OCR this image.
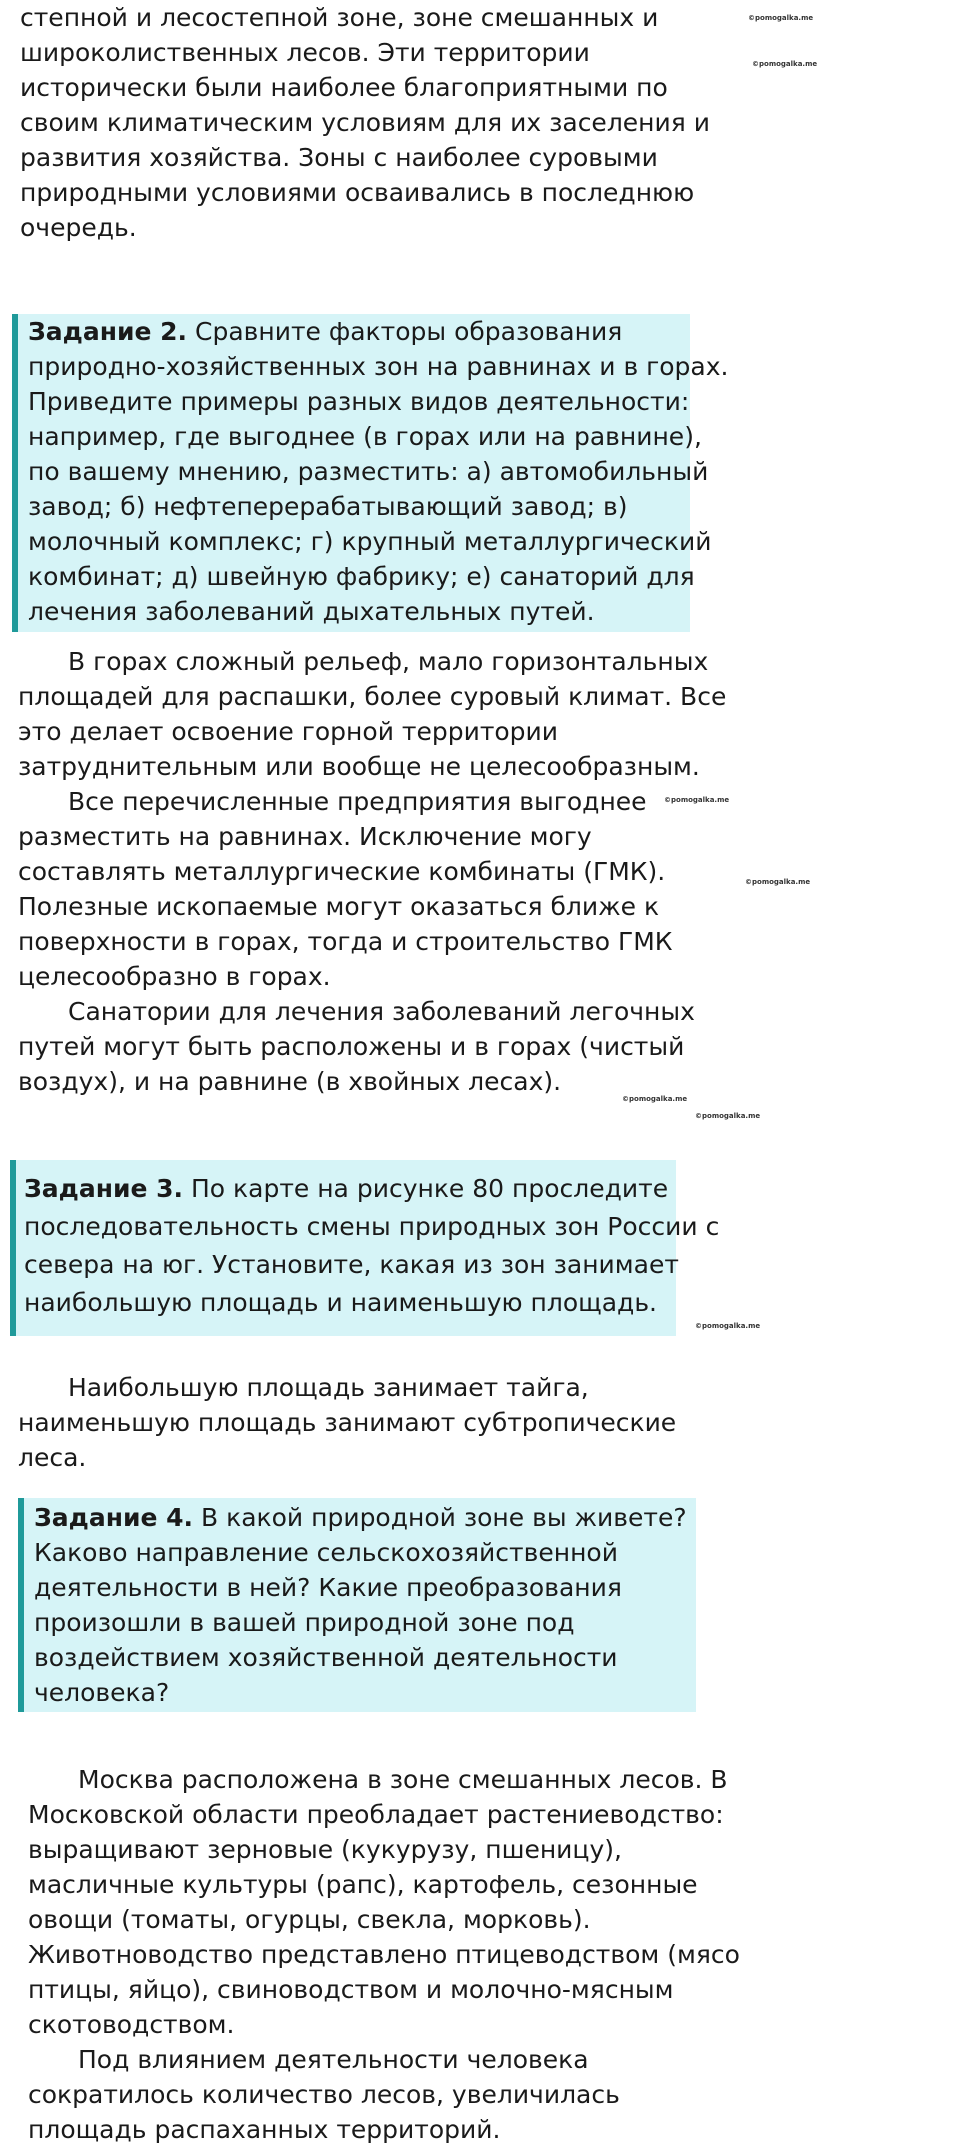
степной и лесостепной зоне, зоне смешанных и
широколиственных лесов. Эти территории
исторически были наиболее благоприятными по
своим климатическим условиям для их заселения и
развития хозяйства. Зоны с наиболее суровыми
природными условиями осваивались в последнюю
очередь.
©pomogalka.me
©pomogalka.me

Задание 2. Сравните факторы образования
природно-хозяйственных зон на равнинах и в горах.
Приведите примеры разных видов деятельности:
например, где выгоднее (в горах или на равнине),
по вашему мнению, разместить: а) автомобильный
завод; б) нефтеперерабатывающий завод; в)
молочный комплекс; г) крупный металлургический
комбинат; д) швейную фабрику; е) санаторий для
лечения заболеваний дыхательных путей.

В горах сложный рельеф, мало горизонтальных
площадей для распашки, более суровый климат. Все
это делает освоение горной территории
затруднительным или вообще не целесообразным.
Все перечисленные предприятия выгоднее
разместить на равнинах. Исключение могу
составлять металлургические комбинаты (ГМК).
Полезные ископаемые могут оказаться ближе к
поверхности в горах, тогда и строительство ГМК
целесообразно в горах.
Санатории для лечения заболеваний легочных
путей могут быть расположены и в горах (чистый
воздух), и на равнине (в хвойных лесах).
©pomogalka.me
©pomogalka.me
©pomogalka.me
©pomogalka.me

Задание 3. По карте на рисунке 80 проследите
последовательность смены природных зон России с
севера на юг. Установите, какая из зон занимает
наибольшую площадь и наименьшую площадь.

©pomogalka.me
Наибольшую площадь занимает тайга,
наименьшую площадь занимают субтропические
леса.

Задание 4. В какой природной зоне вы живете?
Каково направление сельскохозяйственной
деятельности в ней? Какие преобразования
произошли в вашей природной зоне под
воздействием хозяйственной деятельности
человека?

Москва расположена в зоне смешанных лесов. В
Московской области преобладает растениеводство:
выращивают зерновые (кукурузу, пшеницу),
масличные культуры (рапс), картофель, сезонные
овощи (томаты, огурцы, свекла, морковь).
Животноводство представлено птицеводством (мясо
птицы, яйцо), свиноводством и молочно-мясным
скотоводством.
Под влиянием деятельности человека
сократилось количество лесов, увеличилась
площадь распаханных территорий.
